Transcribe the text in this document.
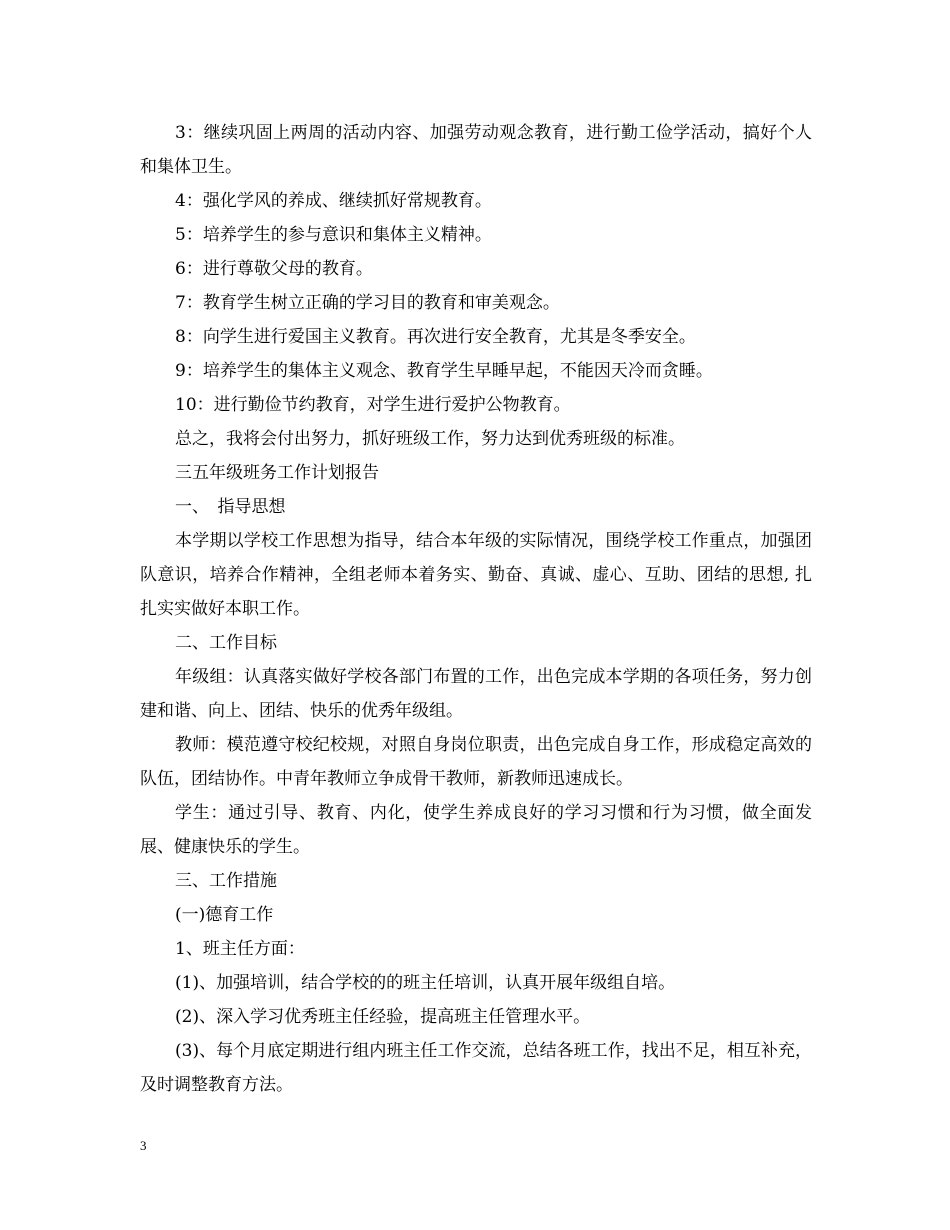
3：继续巩固上两周的活动内容、加强劳动观念教育，进行勤工俭学活动，搞好个人和集体卫生。

4：强化学风的养成、继续抓好常规教育。

5：培养学生的参与意识和集体主义精神。

6：进行尊敬父母的教育。

7：教育学生树立正确的学习目的教育和审美观念。

8：向学生进行爱国主义教育。再次进行安全教育，尤其是冬季安全。

9：培养学生的集体主义观念、教育学生早睡早起，不能因天冷而贪睡。

10：进行勤俭节约教育，对学生进行爱护公物教育。

总之，我将会付出努力，抓好班级工作，努力达到优秀班级的标准。

三五年级班务工作计划报告

一、　指导思想

本学期以学校工作思想为指导，结合本年级的实际情况，围绕学校工作重点，加强团队意识，培养合作精神，全组老师本着务实、勤奋、真诚、虚心、互助、团结的思想, 扎扎实实做好本职工作。

二、工作目标

年级组：认真落实做好学校各部门布置的工作，出色完成本学期的各项任务，努力创建和谐、向上、团结、快乐的优秀年级组。

教师：模范遵守校纪校规，对照自身岗位职责，出色完成自身工作，形成稳定高效的队伍，团结协作。中青年教师立争成骨干教师，新教师迅速成长。

学生：通过引导、教育、内化，使学生养成良好的学习习惯和行为习惯，做全面发展、健康快乐的学生。

三、工作措施

(一)德育工作

1、班主任方面：

(1)、加强培训，结合学校的的班主任培训，认真开展年级组自培。

(2)、深入学习优秀班主任经验，提高班主任管理水平。

(3)、每个月底定期进行组内班主任工作交流，总结各班工作，找出不足，相互补充，及时调整教育方法。

3
